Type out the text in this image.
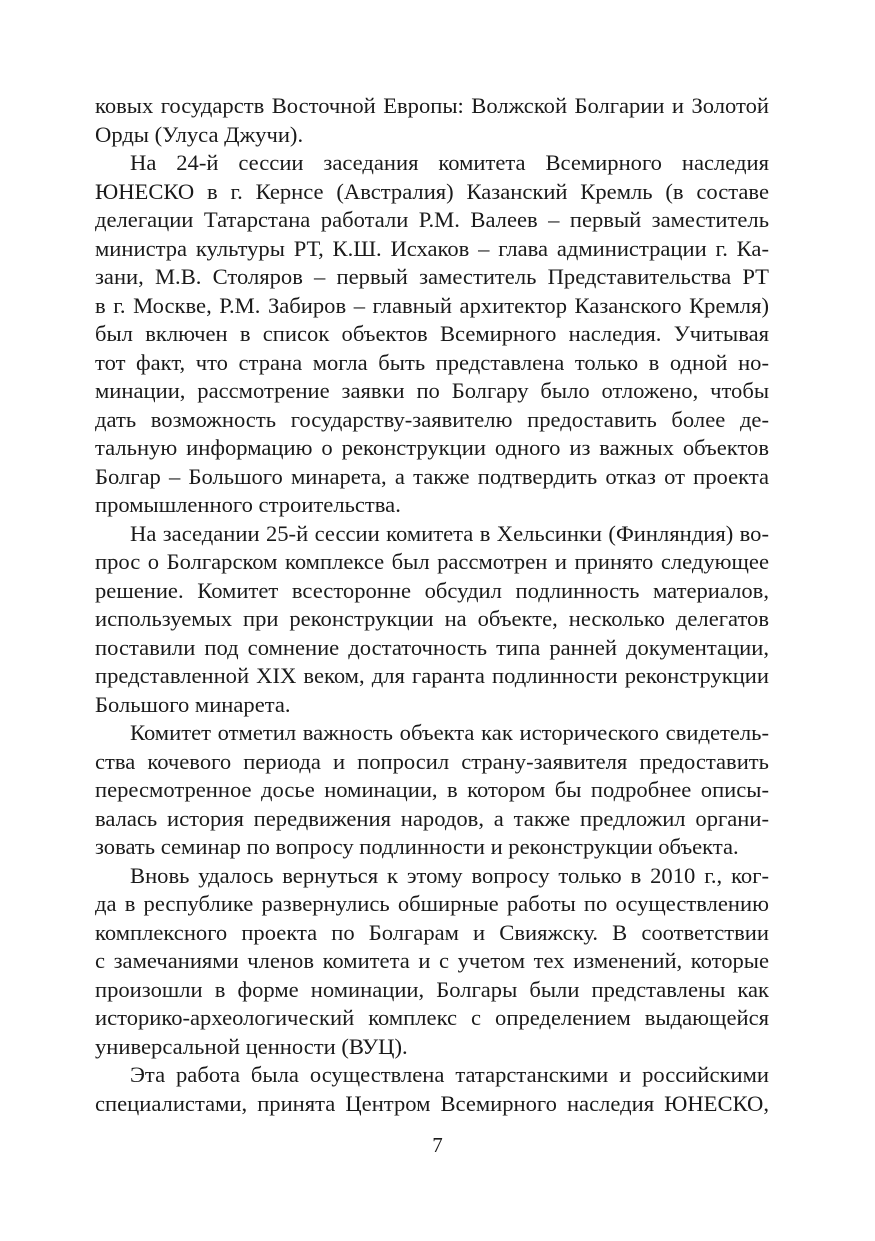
ковых государств Восточной Европы: Волжской Болгарии и Золотой
Орды (Улуса Джучи).
На 24-й сессии заседания комитета Всемирного наследия
ЮНЕСКО в г. Кернсе (Австралия) Казанский Кремль (в составе
делегации Татарстана работали Р.М. Валеев – первый заместитель
министра культуры РТ, К.Ш. Исхаков – глава администрации г. Ка-
зани, М.В. Столяров – первый заместитель Представительства РТ
в г. Москве, Р.М. Забиров – главный архитектор Казанского Кремля)
был включен в список объектов Всемирного наследия. Учитывая
тот факт, что страна могла быть представлена только в одной но-
минации, рассмотрение заявки по Болгару было отложено, чтобы
дать возможность государству-заявителю предоставить более де-
тальную информацию о реконструкции одного из важных объектов
Болгар – Большого минарета, а также подтвердить отказ от проекта
промышленного строительства.
На заседании 25-й сессии комитета в Хельсинки (Финляндия) во-
прос о Болгарском комплексе был рассмотрен и принято следующее
решение. Комитет всесторонне обсудил подлинность материалов,
используемых при реконструкции на объекте, несколько делегатов
поставили под сомнение достаточность типа ранней документации,
представленной XIX веком, для гаранта подлинности реконструкции
Большого минарета.
Комитет отметил важность объекта как исторического свидетель-
ства кочевого периода и попросил страну-заявителя предоставить
пересмотренное досье номинации, в котором бы подробнее описы-
валась история передвижения народов, а также предложил органи-
зовать семинар по вопросу подлинности и реконструкции объекта.
Вновь удалось вернуться к этому вопросу только в 2010 г., ког-
да в республике развернулись обширные работы по осуществлению
комплексного проекта по Болгарам и Свияжску. В соответствии
с замечаниями членов комитета и с учетом тех изменений, которые
произошли в форме номинации, Болгары были представлены как
историко-археологический комплекс с определением выдающейся
универсальной ценности (ВУЦ).
Эта работа была осуществлена татарстанскими и российскими
специалистами, принята Центром Всемирного наследия ЮНЕСКО,
7
